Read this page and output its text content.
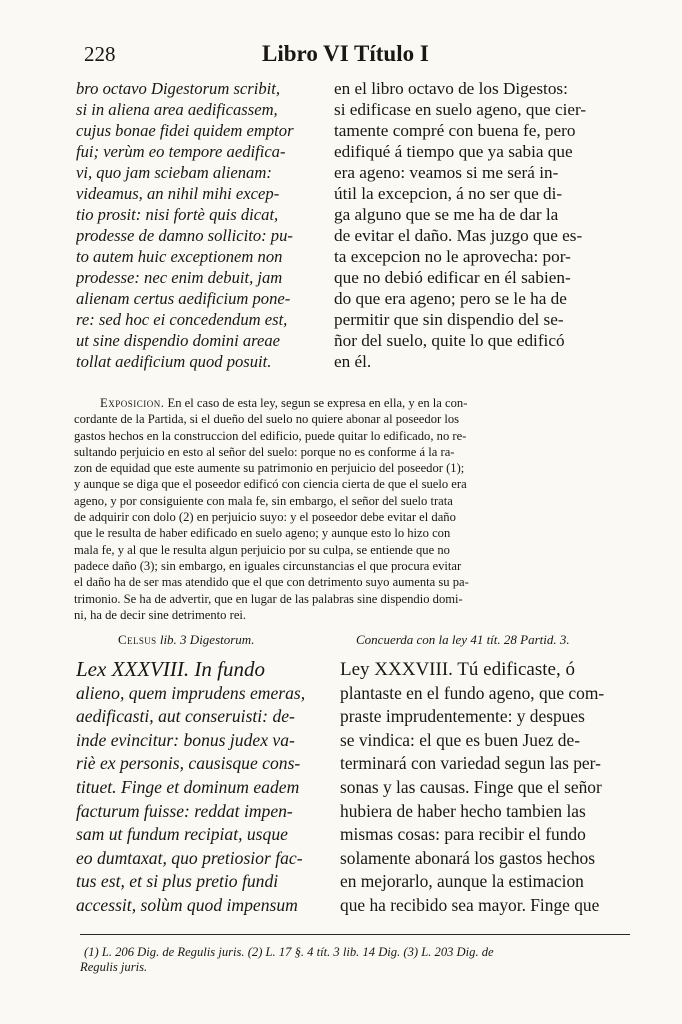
228	Libro VI Título I
bro octavo Digestorum scribit,
si in aliena area aedificassem,
cujus bonae fidei quidem emptor
fui; verùm eo tempore aedifica-
vi, quo jam sciebam alienam:
videamus, an nihil mihi excep-
tio prosit: nisi fortè quis dicat,
prodesse de damno sollicito: pu-
to autem huic exceptionem non
prodesse: nec enim debuit, jam
alienam certus aedificium pone-
re: sed hoc ei concedendum est,
ut sine dispendio domini areae
tollat aedificium quod posuit.
en el libro octavo de los Digestos:
si edificase en suelo ageno, que cier-
tamente compré con buena fe, pero
edifiqué á tiempo que ya sabia que
era ageno: veamos si me será in-
útil la excepcion, á no ser que di-
ga alguno que se me ha de dar la
de evitar el daño. Mas juzgo que es-
ta excepcion no le aprovecha: por-
que no debió edificar en él sabien-
do que era ageno; pero se le ha de
permitir que sin dispendio del se-
ñor del suelo, quite lo que edificó
en él.
Exposicion. En el caso de esta ley, segun se expresa en ella, y en la con-
cordante de la Partida, si el dueño del suelo no quiere abonar al poseedor los
gastos hechos en la construccion del edificio, puede quitar lo edificado, no re-
sultando perjuicio en esto al señor del suelo: porque no es conforme á la ra-
zon de equidad que este aumente su patrimonio en perjuicio del poseedor (1);
y aunque se diga que el poseedor edificó con ciencia cierta de que el suelo era
ageno, y por consiguiente con mala fe, sin embargo, el señor del suelo trata
de adquirir con dolo (2) en perjuicio suyo: y el poseedor debe evitar el daño
que le resulta de haber edificado en suelo ageno; y aunque esto lo hizo con
mala fe, y al que le resulta algun perjuicio por su culpa, se entiende que no
padece daño (3); sin embargo, en iguales circunstancias el que procura evitar
el daño ha de ser mas atendido que el que con detrimento suyo aumenta su pa-
trimonio. Se ha de advertir, que en lugar de las palabras sine dispendio domi-
ni, ha de decir sine detrimento rei.
Celsus lib. 3 Digestorum.	Concuerda con la ley 41 tít. 28 Partid. 3.
Lex XXXVIII. In fundo
alieno, quem imprudens emeras,
aedificasti, aut conseruisti: de-
inde evincitur: bonus judex va-
riè ex personis, causisque cons-
tituet. Finge et dominum eadem
facturum fuisse: reddat impen-
sam ut fundum recipiat, usque
eo dumtaxat, quo pretiosior fac-
tus est, et si plus pretio fundi
accessit, solùm quod impensum
Ley XXXVIII. Tú edificaste, ó
plantaste en el fundo ageno, que com-
praste imprudentemente: y despues
se vindica: el que es buen Juez de-
terminará con variedad segun las per-
sonas y las causas. Finge que el señor
hubiera de haber hecho tambien las
mismas cosas: para recibir el fundo
solamente abonará los gastos hechos
en mejorarlo, aunque la estimacion
que ha recibido sea mayor. Finge que
(1) L. 206 Dig. de Regulis juris. (2) L. 17 §. 4 tít. 3 lib. 14 Dig. (3) L. 203 Dig. de
Regulis juris.
